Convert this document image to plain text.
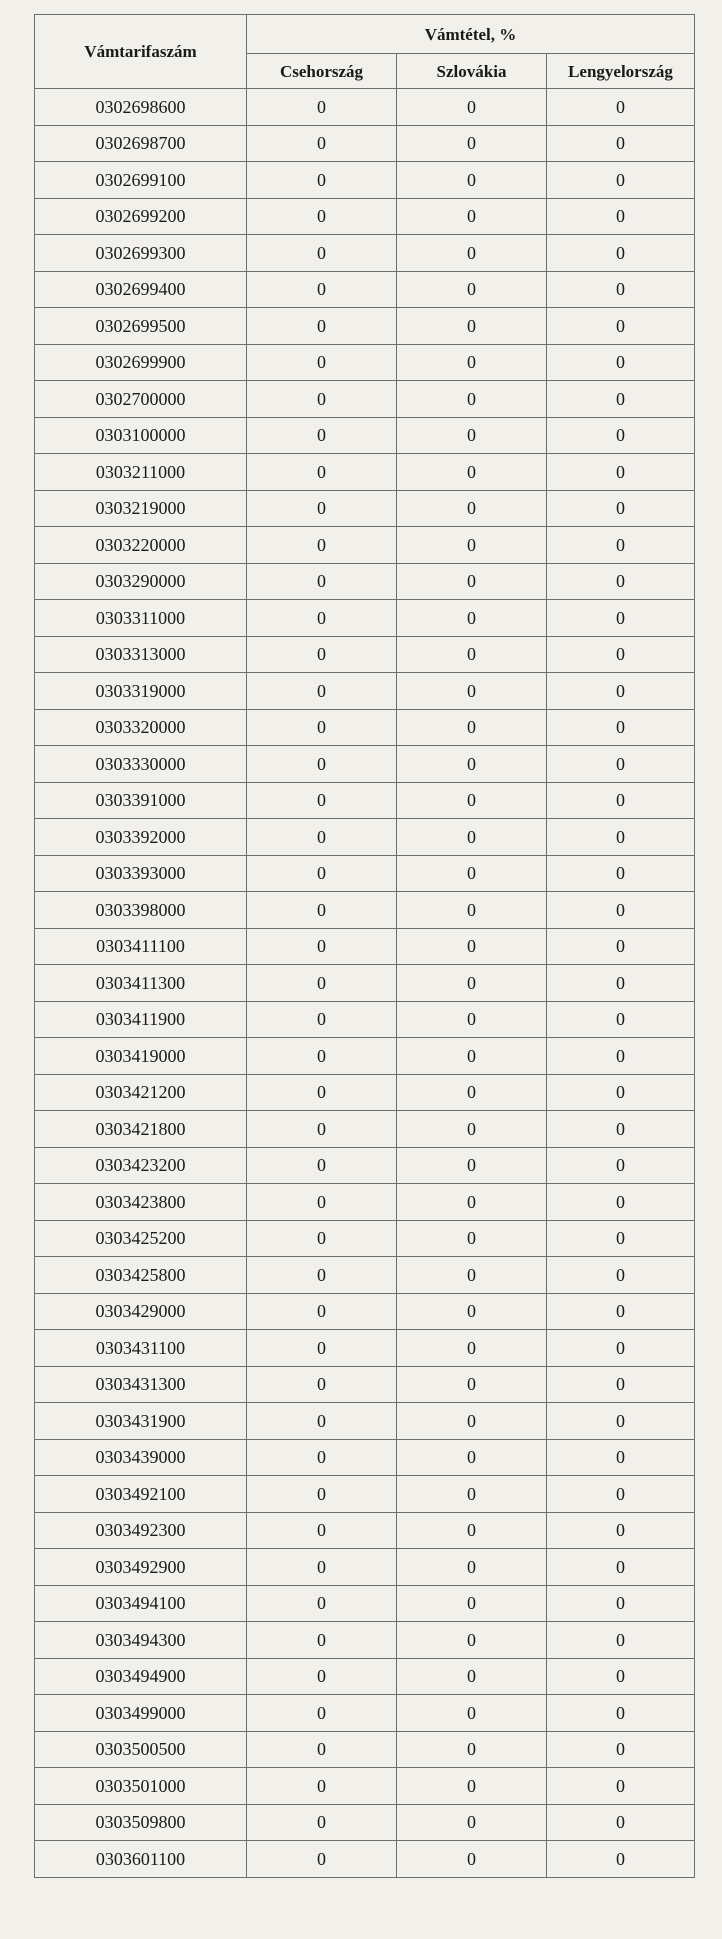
Vámtarifaszám	Vámtétel, %		
	Csehország	Szlovákia	Lengyelország
0302698600	0	0	0
0302698700	0	0	0
0302699100	0	0	0
0302699200	0	0	0
0302699300	0	0	0
0302699400	0	0	0
0302699500	0	0	0
0302699900	0	0	0
0302700000	0	0	0
0303100000	0	0	0
0303211000	0	0	0
0303219000	0	0	0
0303220000	0	0	0
0303290000	0	0	0
0303311000	0	0	0
0303313000	0	0	0
0303319000	0	0	0
0303320000	0	0	0
0303330000	0	0	0
0303391000	0	0	0
0303392000	0	0	0
0303393000	0	0	0
0303398000	0	0	0
0303411100	0	0	0
0303411300	0	0	0
0303411900	0	0	0
0303419000	0	0	0
0303421200	0	0	0
0303421800	0	0	0
0303423200	0	0	0
0303423800	0	0	0
0303425200	0	0	0
0303425800	0	0	0
0303429000	0	0	0
0303431100	0	0	0
0303431300	0	0	0
0303431900	0	0	0
0303439000	0	0	0
0303492100	0	0	0
0303492300	0	0	0
0303492900	0	0	0
0303494100	0	0	0
0303494300	0	0	0
0303494900	0	0	0
0303499000	0	0	0
0303500500	0	0	0
0303501000	0	0	0
0303509800	0	0	0
0303601100	0	0	0
